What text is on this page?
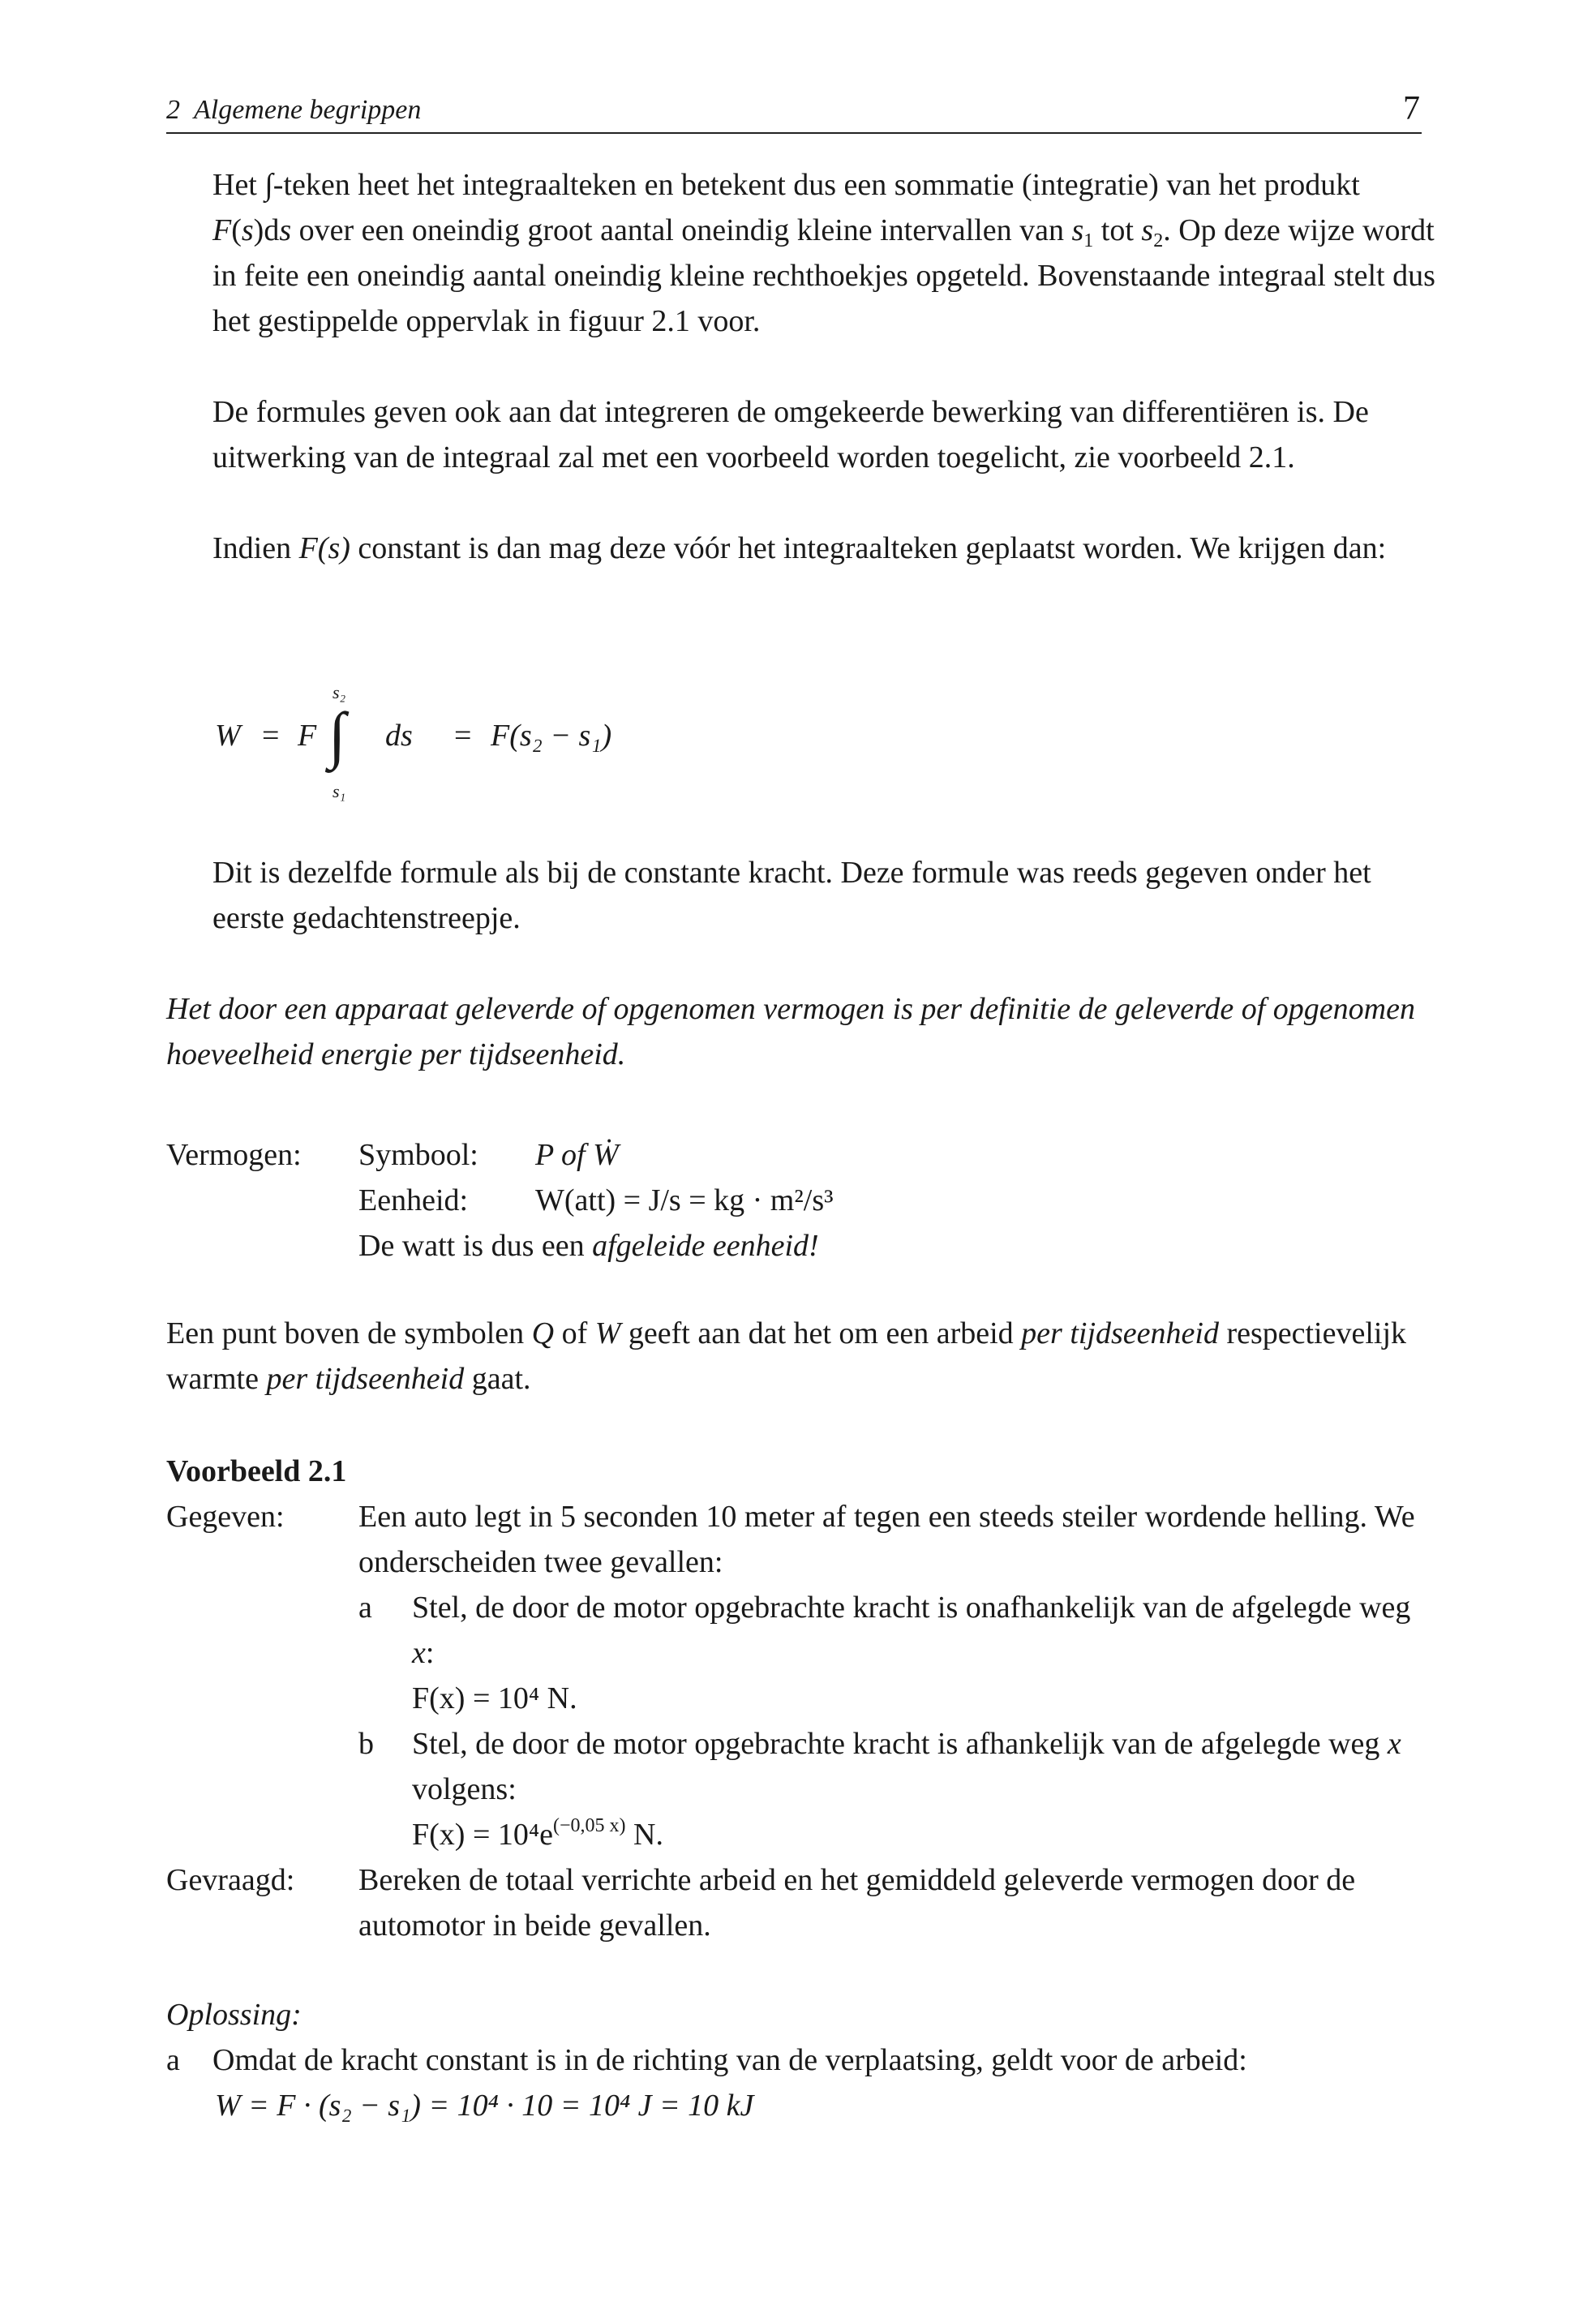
2 Algemene begrippen	7
Het ∫-teken heet het integraalteken en betekent dus een sommatie (integratie) van het produkt F(s)ds over een oneindig groot aantal oneindig kleine intervallen van $s_1$ tot $s_2$. Op deze wijze wordt in feite een oneindig aantal oneindig kleine rechthoekjes opgeteld. Bovenstaande integraal stelt dus het gestippelde oppervlak in figuur 2.1 voor.
De formules geven ook aan dat integreren de omgekeerde bewerking van differentiëren is. De uitwerking van de integraal zal met een voorbeeld worden toegelicht, zie voorbeeld 2.1.
Indien F(s) constant is dan mag deze vóór het integraalteken geplaatst worden. We krijgen dan:
W = F
s₂
∫
s₁
ds = F(s₂ − s₁)
Dit is dezelfde formule als bij de constante kracht. Deze formule was reeds gegeven onder het eerste gedachtenstreepje.
Het door een apparaat geleverde of opgenomen vermogen is per definitie de geleverde of opgenomen hoeveelheid energie per tijdseenheid.
Vermogen: Symbool: P of Ẇ
Eenheid: W(att) = J/s = kg · m²/s³
De watt is dus een afgeleide eenheid!
Een punt boven de symbolen Q of W geeft aan dat het om een arbeid per tijdseenheid respectievelijk warmte per tijdseenheid gaat.
Voorbeeld 2.1
Gegeven: Een auto legt in 5 seconden 10 meter af tegen een steeds steiler wordende helling. We onderscheiden twee gevallen:
a Stel, de door de motor opgebrachte kracht is onafhankelijk van de afgelegde weg x:
F(x) = 10⁴ N.
b Stel, de door de motor opgebrachte kracht is afhankelijk van de afgelegde weg x volgens:
$F(x) = 10^4e^{(-0,05 x)}$ N.
Gevraagd: Bereken de totaal verrichte arbeid en het gemiddeld geleverde vermogen door de automotor in beide gevallen.
Oplossing:
a Omdat de kracht constant is in de richting van de verplaatsing, geldt voor de arbeid:
W = F · (s₂ − s₁) = 10⁴ · 10 = 10⁴ J = 10 kJ
